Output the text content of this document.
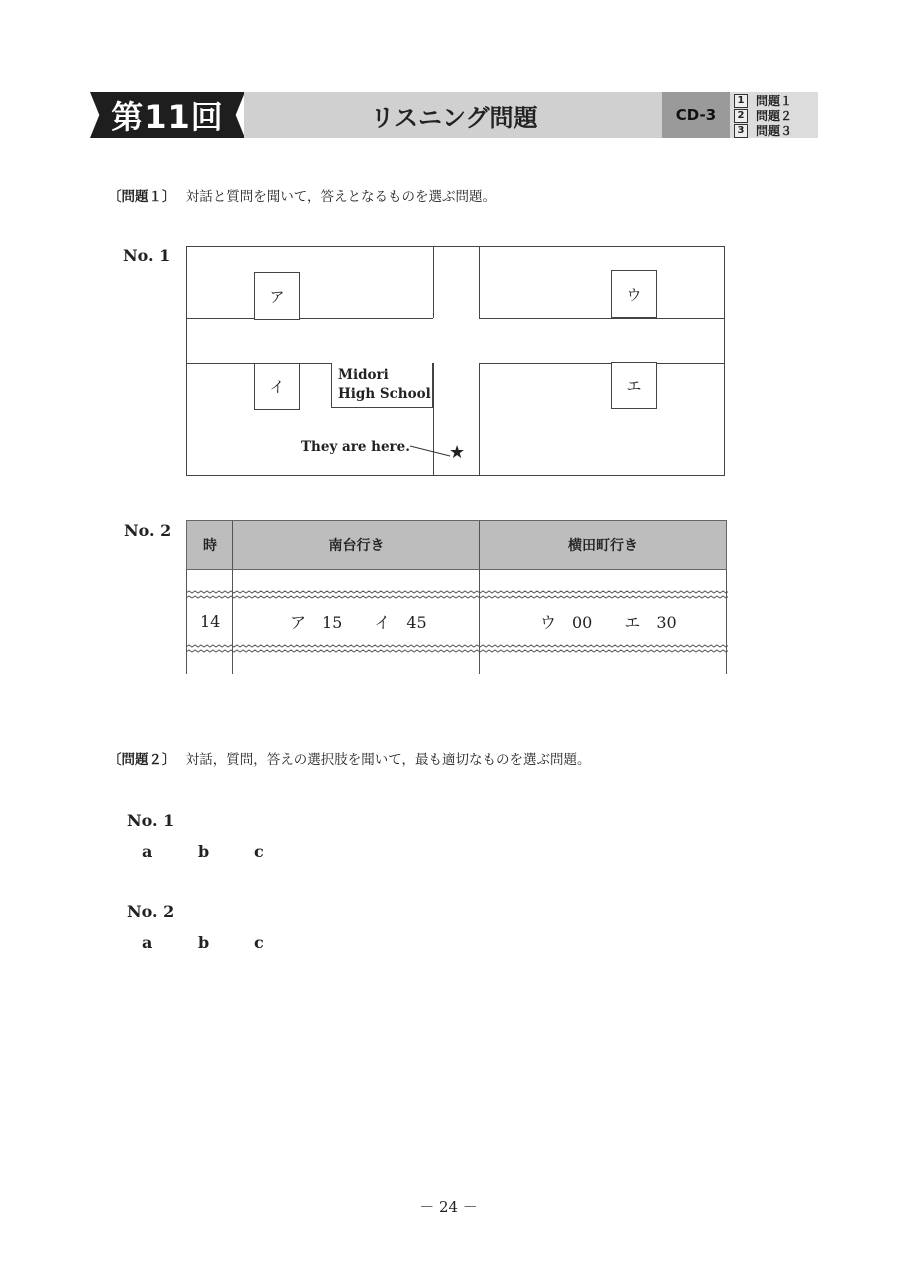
第11回	リスニング問題	CD-3
1 問題１
2 問題２
3 問題３
〔問題１〕 対話と質問を聞いて，答えとなるものを選ぶ問題。
No. 1
ア
イ
ウ
エ
Midori
High School
They are here. ★
No. 2
時	南台行き	横田町行き
14	ア　15　　イ　45	ウ　00　　エ　30
〔問題２〕 対話，質問，答えの選択肢を聞いて，最も適切なものを選ぶ問題。
No. 1
a	b	c
No. 2
a	b	c
－ 24 －
